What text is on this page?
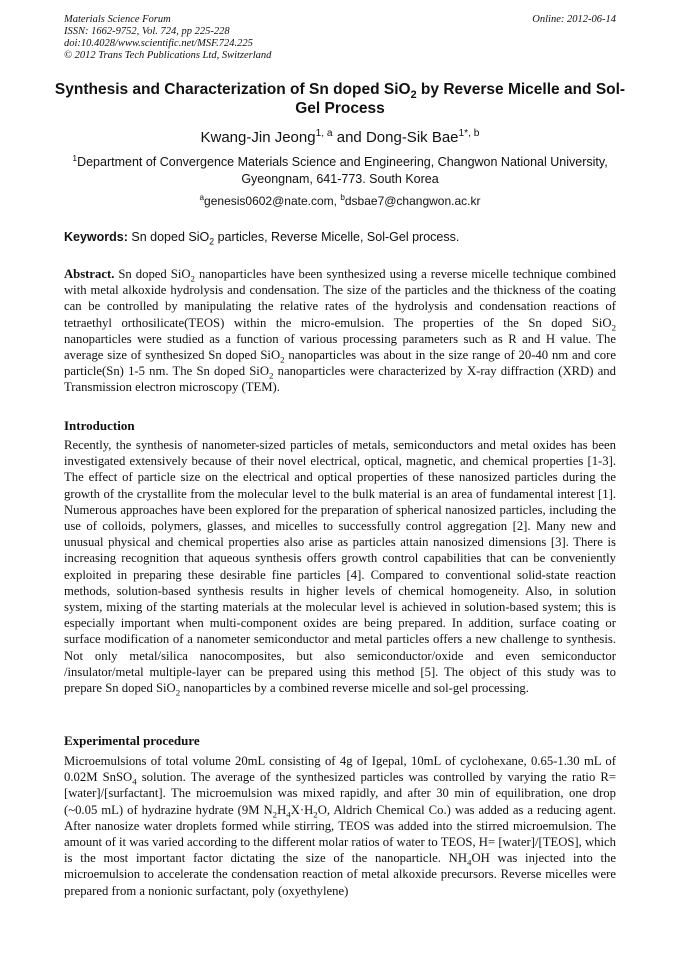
Materials Science Forum
ISSN: 1662-9752, Vol. 724, pp 225-228
doi:10.4028/www.scientific.net/MSF.724.225
© 2012 Trans Tech Publications Ltd, Switzerland
Online: 2012-06-14
Synthesis and Characterization of Sn doped SiO$_2$ by Reverse Micelle and Sol-Gel Process
Kwang-Jin Jeong$^{1, a}$ and Dong-Sik Bae$^{1*, b}$
$^1$Department of Convergence Materials Science and Engineering, Changwon National University, Gyeongnam, 641-773. South Korea
$^a$genesis0602@nate.com, $^b$dsbae7@changwon.ac.kr
Keywords: Sn doped SiO$_2$ particles, Reverse Micelle, Sol-Gel process.
Abstract. Sn doped SiO$_2$ nanoparticles have been synthesized using a reverse micelle technique combined with metal alkoxide hydrolysis and condensation. The size of the particles and the thickness of the coating can be controlled by manipulating the relative rates of the hydrolysis and condensation reactions of tetraethyl orthosilicate(TEOS) within the micro-emulsion. The properties of the Sn doped SiO$_2$ nanoparticles were studied as a function of various processing parameters such as R and H value. The average size of synthesized Sn doped SiO$_2$ nanoparticles was about in the size range of 20-40 nm and core particle(Sn) 1-5 nm. The Sn doped SiO$_2$ nanoparticles were characterized by X-ray diffraction (XRD) and Transmission electron microscopy (TEM).
Introduction
Recently, the synthesis of nanometer-sized particles of metals, semiconductors and metal oxides has been investigated extensively because of their novel electrical, optical, magnetic, and chemical properties [1-3]. The effect of particle size on the electrical and optical properties of these nanosized particles during the growth of the crystallite from the molecular level to the bulk material is an area of fundamental interest [1]. Numerous approaches have been explored for the preparation of spherical nanosized particles, including the use of colloids, polymers, glasses, and micelles to successfully control aggregation [2]. Many new and unusual physical and chemical properties also arise as particles attain nanosized dimensions [3]. There is increasing recognition that aqueous synthesis offers growth control capabilities that can be conveniently exploited in preparing these desirable fine particles [4]. Compared to conventional solid-state reaction methods, solution-based synthesis results in higher levels of chemical homogeneity. Also, in solution system, mixing of the starting materials at the molecular level is achieved in solution-based system; this is especially important when multi-component oxides are being prepared. In addition, surface coating or surface modification of a nanometer semiconductor and metal particles offers a new challenge to synthesis. Not only metal/silica nanocomposites, but also semiconductor/oxide and even semiconductor /insulator/metal multiple-layer can be prepared using this method [5]. The object of this study was to prepare Sn doped SiO$_2$ nanoparticles by a combined reverse micelle and sol-gel processing.
Experimental procedure
Microemulsions of total volume 20mL consisting of 4g of Igepal, 10mL of cyclohexane, 0.65-1.30 mL of 0.02M SnSO$_4$ solution. The average of the synthesized particles was controlled by varying the ratio R=[water]/[surfactant]. The microemulsion was mixed rapidly, and after 30 min of equilibration, one drop (~0.05 mL) of hydrazine hydrate (9M $N_2H_4X\cdot H_2O$, Aldrich Chemical Co.) was added as a reducing agent. After nanosize water droplets formed while stirring, TEOS was added into the stirred microemulsion. The amount of it was varied according to the different molar ratios of water to TEOS, H= [water]/[TEOS], which is the most important factor dictating the size of the nanoparticle. $NH_4OH$ was injected into the microemulsion to accelerate the condensation reaction of metal alkoxide precursors. Reverse micelles were prepared from a nonionic surfactant, poly (oxyethylene)
